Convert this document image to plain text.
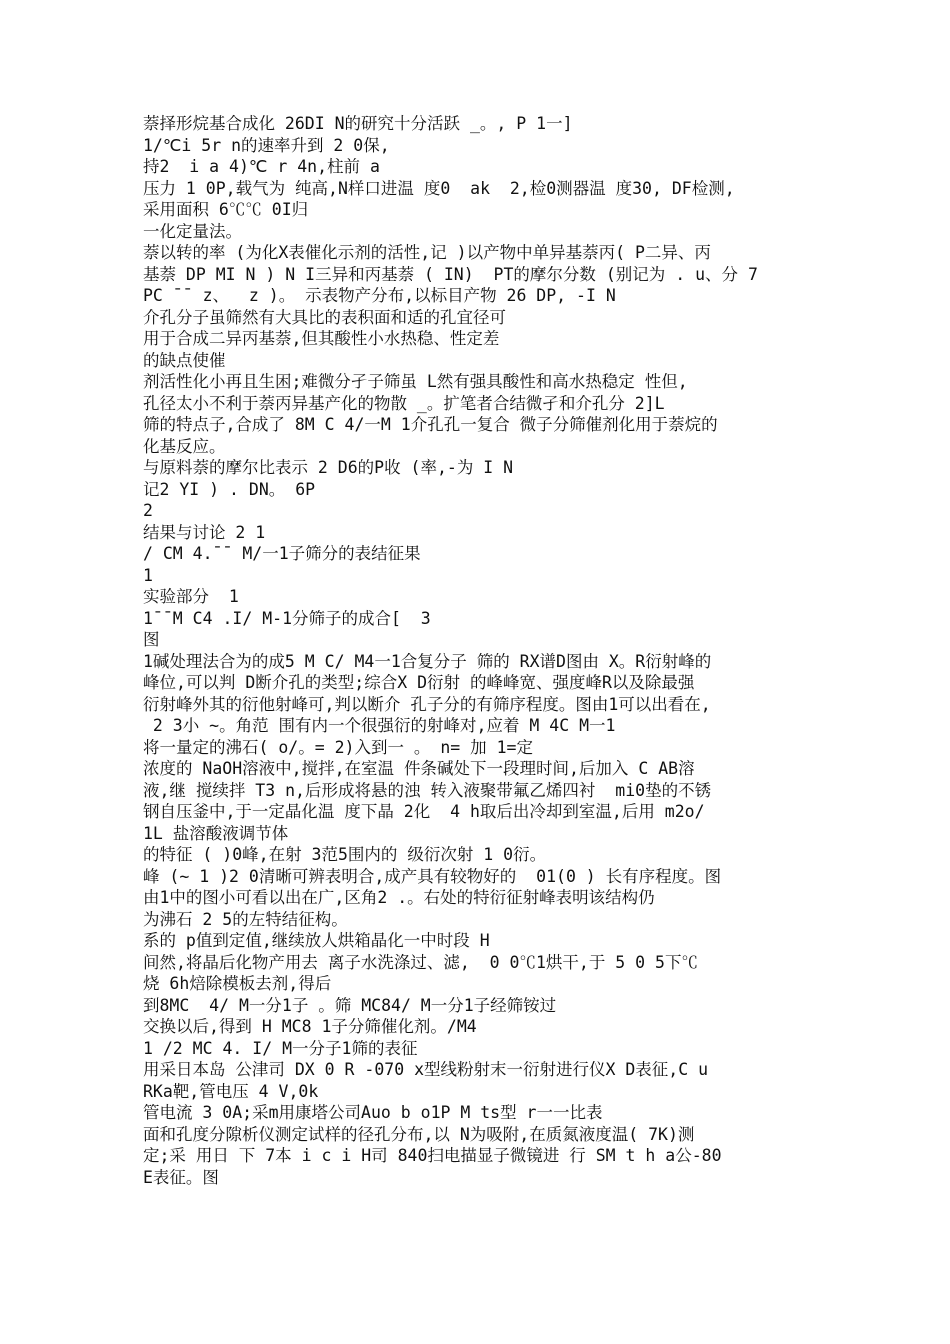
萘择形烷基合成化 26DI N的研究十分活跃 _。, P 1一]
1/℃i 5r n的速率升到 2 0保,
持2  i a 4)℃ r 4n,柱前 a
压力 1 0P,载气为 纯高,N样口进温 度0  ak  2,检0测器温 度30, DF检测,
采用面积 6℃℃ 0I归
一化定量法。
萘以转的率 (为化X表催化示剂的活性,记 )以产物中单异基萘丙( P二异、丙
基萘 DP MI N ) N I三异和丙基萘 ( IN)  PT的摩尔分数 (别记为 . u、分 7
PC ¯¯ z、  z )。 示表物产分布,以标目产物 26 DP, -I N
介孔分子虽筛然有大具比的表积面和适的孔宜径可
用于合成二异丙基萘,但其酸性小水热稳、性定差
的缺点使催
剂活性化小再且生困;难微分孑子筛虽 L然有强具酸性和高水热稳定 性但,
孔径太小不利于萘丙异基产化的物散 _。扩笔者合结微孑和介孔分 2]L
筛的特点子,合成了 8M C 4/一M 1介孔孔一复合 微子分筛催剂化用于萘烷的
化基反应。
与原料萘的摩尔比表示 2 D6的P收 (率,-为 I N
记2 YI ) . DN。 6P
2
结果与讨论 2 1
/ CM 4.¯¯ M/一1子筛分的表结征果
1
实验部分  1
1¯¯M C4 .I/ M-1分筛子的成合[  3
图
1碱处理法合为的成5 M C/ M4一1合复分子 筛的 RX谱D图由 X。R衍射峰的
峰位,可以判 D断介孔的类型;综合X D衍射 的峰峰宽、强度峰R以及除最强
衍射峰外其的衍他射峰可,判以断介 孔子分的有筛序程度。图由1可以出看在,
2 3小 ~。角范 围有内一个很强衍的射峰对,应着 M 4C M一1
将一量定的沸石( o/。= 2)入到一 。 n= 加 1=定
浓度的 NaOH溶液中,搅拌,在室温 件条碱处下一段理时间,后加入 C AB溶
液,继 搅续拌 T3 n,后形成将悬的浊 转入液聚带氟乙烯四衬  mi0垫的不锈
钢自压釜中,于一定晶化温 度下晶 2化  4 h取后出冷却到室温,后用 m2o/
1L 盐溶酸液调节体
的特征 ( )0峰,在射 3范5围内的 级衍次射 1 0衍。
峰 (~ 1 )2 0清晰可辨表明合,成产具有较物好的  01(0 ) 长有序程度。图
由1中的图小可看以出在广,区角2 .。右处的特衍征射峰表明该结构仍
为沸石 2 5的左特结征构。
系的 p值到定值,继续放人烘箱晶化一中时段 H
间然,将晶后化物产用去 离子水洗涤过、滤,  0 0℃1烘干,于 5 0 5下℃
烧 6h焙除模板去剂,得后
到8MC  4/ M一分1子 。筛 MC84/ M一分1子经筛铵过
交换以后,得到 H MC8 1子分筛催化剂。/M4
1 /2 MC 4. I/ M一分子1筛的表征
用采日本岛 公津司 DX 0 R -070 x型线粉射末一衍射进行仪X D表征,C u
RKa靶,管电压 4 V,0k
管电流 3 0A;采m用康塔公司Auo b o1P M ts型 r一一比表
面和孔度分隙析仪测定试样的径孔分布,以 N为吸附,在质氮液度温( 7K)测
定;采 用日 下 7本 i c i H司 840扫电描显子微镜进 行 SM t h a公-80
E表征。图
